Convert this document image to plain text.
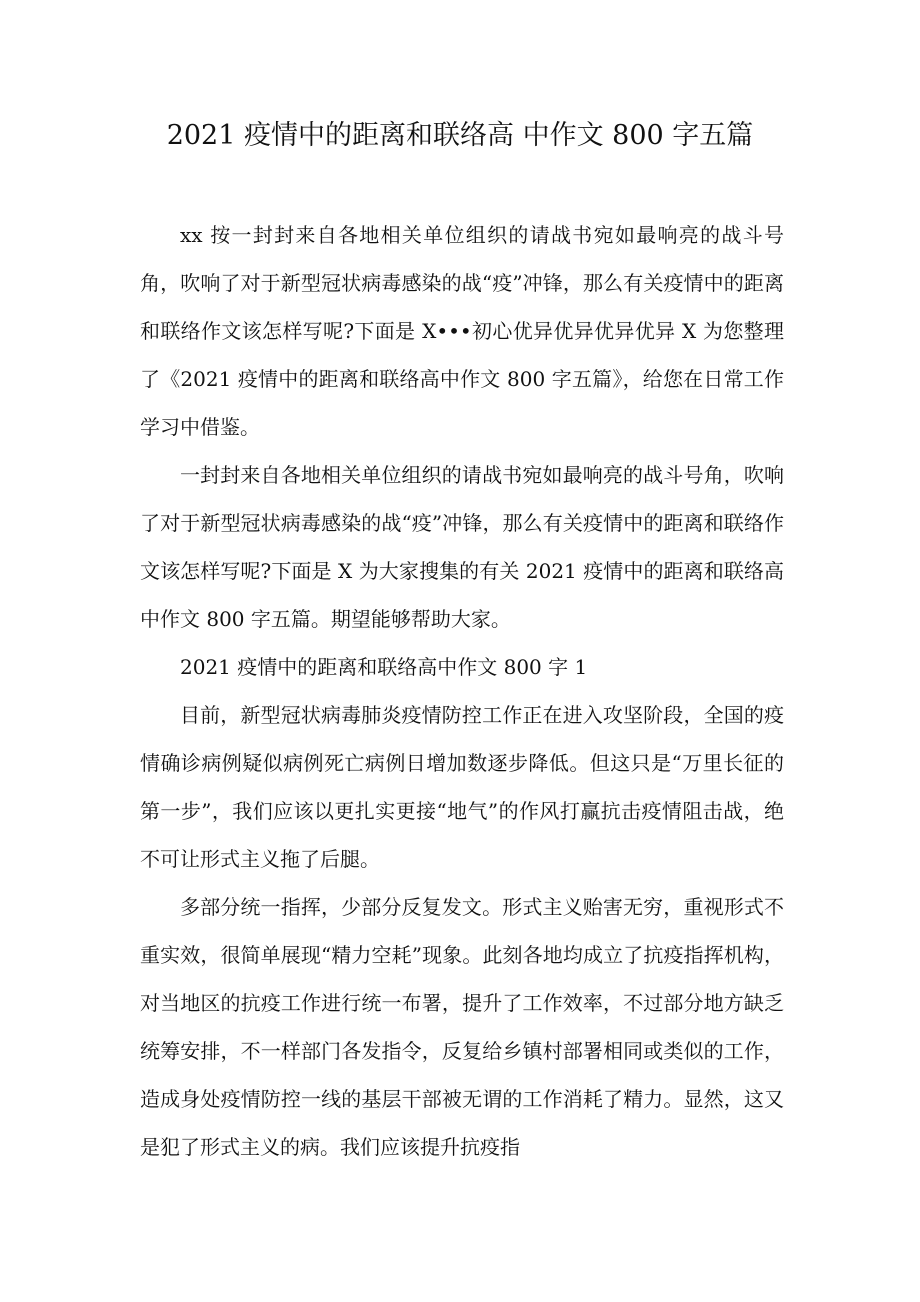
2021 疫情中的距离和联络高 中作文 800 字五篇

xx 按一封封来自各地相关单位组织的请战书宛如最响亮的战斗号角，吹响了对于新型冠状病毒感染的战“疫”冲锋，那么有关疫情中的距离和联络作文该怎样写呢?下面是 X•••初心优异优异优异优异 X 为您整理了《2021 疫情中的距离和联络高中作文 800 字五篇》，给您在日常工作学习中借鉴。

一封封来自各地相关单位组织的请战书宛如最响亮的战斗号角，吹响了对于新型冠状病毒感染的战“疫”冲锋，那么有关疫情中的距离和联络作文该怎样写呢?下面是 X 为大家搜集的有关 2021 疫情中的距离和联络高中作文 800 字五篇。期望能够帮助大家。

2021 疫情中的距离和联络高中作文 800 字 1

目前，新型冠状病毒肺炎疫情防控工作正在进入攻坚阶段，全国的疫情确诊病例疑似病例死亡病例日增加数逐步降低。但这只是“万里长征的第一步”，我们应该以更扎实更接“地气”的作风打赢抗击疫情阻击战，绝不可让形式主义拖了后腿。

多部分统一指挥，少部分反复发文。形式主义贻害无穷，重视形式不重实效，很简单展现“精力空耗”现象。此刻各地均成立了抗疫指挥机构，对当地区的抗疫工作进行统一布署，提升了工作效率，不过部分地方缺乏统筹安排，不一样部门各发指令，反复给乡镇村部署相同或类似的工作，造成身处疫情防控一线的基层干部被无谓的工作消耗了精力。显然，这又是犯了形式主义的病。我们应该提升抗疫指
